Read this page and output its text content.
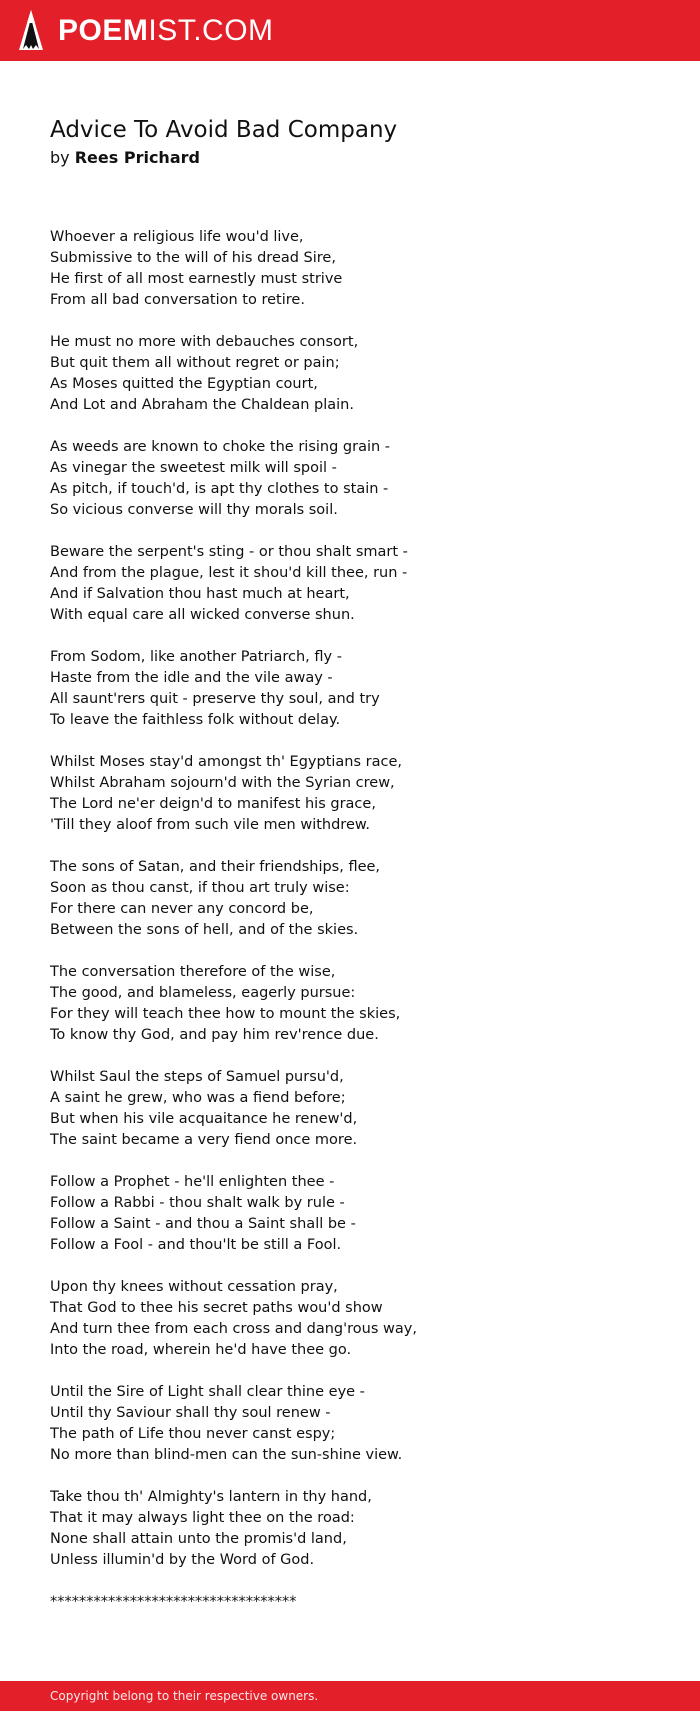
POEMIST.COM
Advice To Avoid Bad Company
by Rees Prichard
Whoever a religious life wou'd live,
Submissive to the will of his dread Sire,
He first of all most earnestly must strive
From all bad conversation to retire.
He must no more with debauches consort,
But quit them all without regret or pain;
As Moses quitted the Egyptian court,
And Lot and Abraham the Chaldean plain.
As weeds are known to choke the rising grain -
As vinegar the sweetest milk will spoil -
As pitch, if touch'd, is apt thy clothes to stain -
So vicious converse will thy morals soil.
Beware the serpent's sting - or thou shalt smart -
And from the plague, lest it shou'd kill thee, run -
And if Salvation thou hast much at heart,
With equal care all wicked converse shun.
From Sodom, like another Patriarch, fly -
Haste from the idle and the vile away -
All saunt'rers quit - preserve thy soul, and try
To leave the faithless folk without delay.
Whilst Moses stay'd amongst th' Egyptians race,
Whilst Abraham sojourn'd with the Syrian crew,
The Lord ne'er deign'd to manifest his grace,
'Till they aloof from such vile men withdrew.
The sons of Satan, and their friendships, flee,
Soon as thou canst, if thou art truly wise:
For there can never any concord be,
Between the sons of hell, and of the skies.
The conversation therefore of the wise,
The good, and blameless, eagerly pursue:
For they will teach thee how to mount the skies,
To know thy God, and pay him rev'rence due.
Whilst Saul the steps of Samuel pursu'd,
A saint he grew, who was a fiend before;
But when his vile acquaitance he renew'd,
The saint became a very fiend once more.
Follow a Prophet - he'll enlighten thee -
Follow a Rabbi - thou shalt walk by rule -
Follow a Saint - and thou a Saint shall be -
Follow a Fool - and thou'lt be still a Fool.
Upon thy knees without cessation pray,
That God to thee his secret paths wou'd show
And turn thee from each cross and dang'rous way,
Into the road, wherein he'd have thee go.
Until the Sire of Light shall clear thine eye -
Until thy Saviour shall thy soul renew -
The path of Life thou never canst espy;
No more than blind-men can the sun-shine view.
Take thou th' Almighty's lantern in thy hand,
That it may always light thee on the road:
None shall attain unto the promis'd land,
Unless illumin'd by the Word of God.
**********************************
Copyright belong to their respective owners.
